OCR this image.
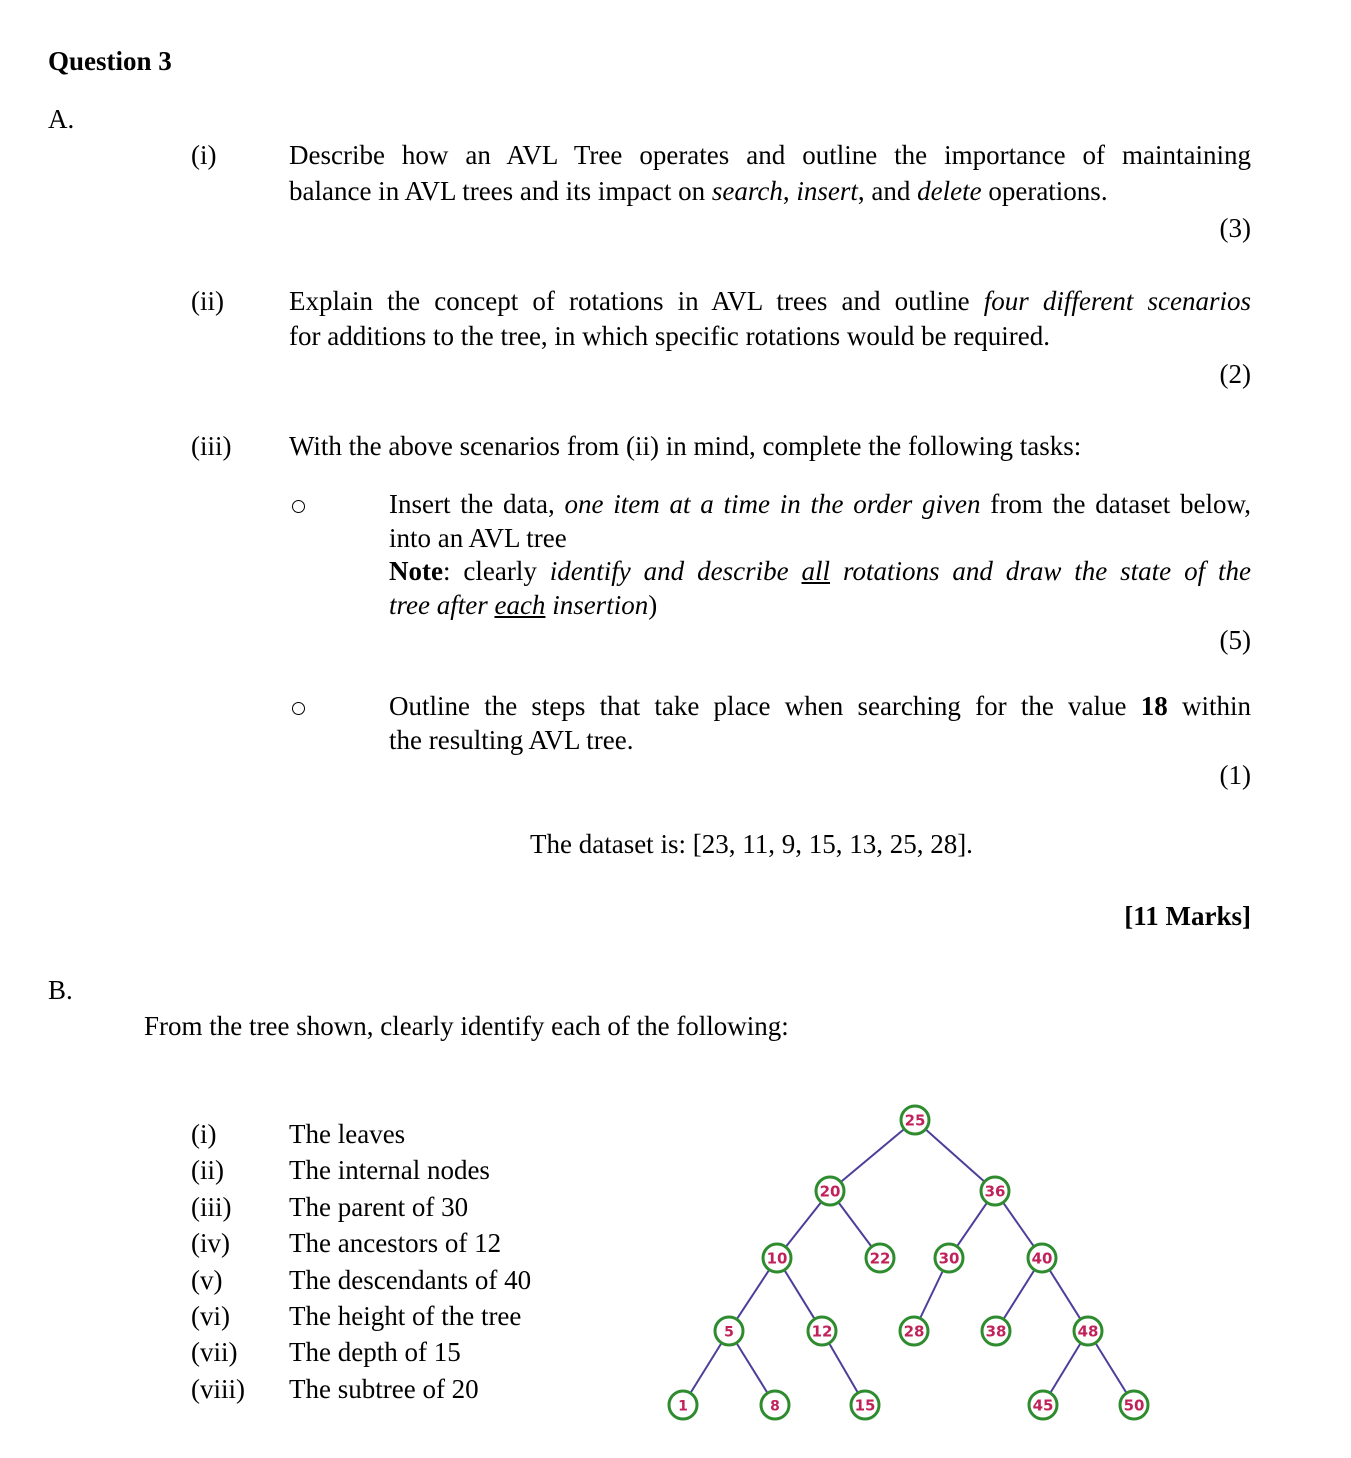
Question 3
A.
(i)	Describe how an AVL Tree operates and outline the importance of maintaining
balance in AVL trees and its impact on search, insert, and delete operations.
(3)
(ii) Explain the concept of rotations in AVL trees and outline four different scenarios
for additions to the tree, in which specific rotations would be required.
(2)
(iii) With the above scenarios from (ii) in mind, complete the following tasks:
Insert the data, one item at a time in the order given from the dataset below,
into an AVL tree
Note: clearly identify and describe all rotations and draw the state of the
tree after each insertion)
(5)
Outline the steps that take place when searching for the value 18 within
the resulting AVL tree.
(1)
The dataset is: [23, 11, 9, 15, 13, 25, 28].
[11 Marks]
B.
From the tree shown, clearly identify each of the following:
(i)	The leaves
(ii) The internal nodes
(iii) The parent of 30
(iv) The ancestors of 12
(v) The descendants of 40
(vi) The height of the tree
(vii) The depth of 15
(viii) The subtree of 20
25
20	36
10	22	30	40
5	12	28	38	48
1	8	15	45	50
